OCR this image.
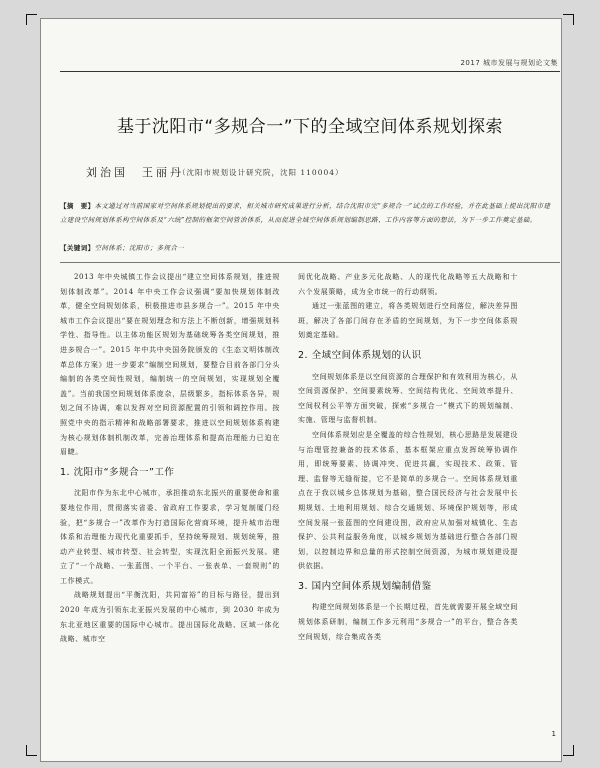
2017 城市发展与规划论文集
基于沈阳市“多规合一”下的全域空间体系规划探索
刘治国　王丽丹
（沈阳市规划设计研究院，沈阳 110004）
【摘　要】本文通过对当前国家对空间体系规划提出的要求，相关城市研究成果进行分析，结合沈阳市完“多规合一”试点的工作经验，并在此基础上提出沈阳市建立建设空间规划体系构空间体系及“六统”控制的框架空间管治体系，从而促进全域空间体系规划编制思路、工作内容等方面的想法，为下一步工作奠定基础。
【关键词】空间体系；沈阳市；多规合一

2013 年中央城镇工作会议提出“建立空间体系规划，推进规划体制改革”。2014 年中央工作会议强调“要加快规划体制改革，健全空间规划体系，积极推进市县多规合一”。2015 年中央城市工作会议提出“要在规划理念和方法上不断创新，增强规划科学性、指导性。以主体功能区规划为基础统筹各类空间规划，推进多规合一”。2015 年中共中央国务院颁发的《生态文明体制改革总体方案》进一步要求“编制空间规划，要整合目前各部门分头编制的各类空间性规划，编制统一的空间规划，实现规划全覆盖”。当前我国空间规划体系庞杂，层级繁多，指标体系各异，规划之间不协调，难以发挥对空间资源配置的引领和调控作用。按照党中央的指示精神和战略部署要求，推进以空间规划体系构建为核心规划体制机制改革，完善治理体系和提高治理能力已迫在眉睫。

1. 沈阳市“多规合一”工作

沈阳市作为东北中心城市，承担推动东北振兴的重要使命和重要地位作用，贯彻落实省委、省政府工作要求，学习复制厦门经验，把“多规合一”改革作为打造国际化营商环境，提升城市治理体系和治理能力现代化重要抓手，坚持统筹规划、规划统筹，推动产业转型、城市转型、社会转型，实现沈阳全面振兴发展。建立了“一个战略、一张蓝图、一个平台、一张表单、一套规则”的工作模式。

战略规划提出“平衡沈阳，共同富裕”的目标与路径，提出到 2020 年成为引领东北亚振兴发展的中心城市，到 2030 年成为东北亚地区重要的国际中心城市。提出国际化战略、区域一体化战略、城市空

间优化战略、产业多元化战略、人的现代化战略等五大战略和十六个发展策略，成为全市统一的行动纲领。

通过一张蓝图的建立，将各类规划进行空间落位，解决差异图斑，解决了各部门间存在矛盾的空间规划，为下一步空间体系规划奠定基础。

2. 全域空间体系规划的认识

空间规划体系是以空间资源的合理保护和有效利用为核心，从空间资源保护、空间要素统筹、空间结构优化、空间效率提升、空间权利公平等方面突破，探索“多规合一”模式下的规划编制、实施、管理与监督机制。

空间体系规划应是全覆盖的综合性规划，核心思路是发展建设与治理管控兼备的技术体系，基本框架应重点发挥统筹协调作用，即统筹要素、协调冲突、促进共赢，实现技术、政策、管理、监督等无缝衔接，它不是简单的多规合一。空间体系规划重点在于我以城乡总体规划为基础，整合国民经济与社会发展中长期规划、土地利用规划、综合交通规划、环境保护规划等，形成空间发展一张蓝图的空间建设图，政府应从加强对城镇化、生态保护、公共利益服务角度，以城乡规划为基础进行整合各部门规划，以控制边界和总量的形式控制空间资源，为城市规划建设提供依据。

3. 国内空间体系规划编制借鉴

构建空间规划体系是一个长期过程，首先就需要开展全域空间规划体系研制，编制工作多元利用“多规合一”的平台，整合各类空间规划，综合集成各类

1
